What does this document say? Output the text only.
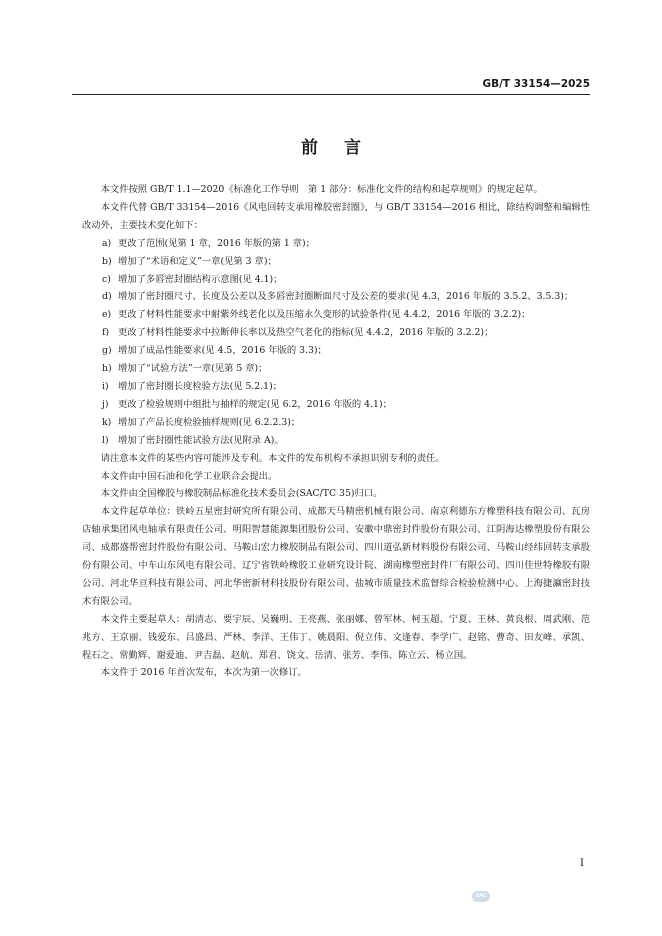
GB/T 33154—2025
前言

本文件按照 GB/T 1.1—2020《标准化工作导则　第 1 部分：标准化文件的结构和起草规则》的规定起草。

本文件代替 GB/T 33154—2016《风电回转支承用橡胶密封圈》，与 GB/T 33154—2016 相比，除结构调整和编辑性改动外，主要技术变化如下：

a) 更改了范围(见第 1 章，2016 年版的第 1 章)；

b) 增加了“术语和定义”一章(见第 3 章)；

c) 增加了多唇密封圈结构示意图(见 4.1)；

d) 增加了密封圈尺寸、长度及公差以及多唇密封圈断面尺寸及公差的要求(见 4.3，2016 年版的 3.5.2、3.5.3)；

e) 更改了材料性能要求中耐紫外线老化以及压缩永久变形的试验条件(见 4.4.2，2016 年版的 3.2.2)；

f) 更改了材料性能要求中拉断伸长率以及热空气老化的指标(见 4.4.2，2016 年版的 3.2.2)；

g) 增加了成品性能要求(见 4.5，2016 年版的 3.3)；

h) 增加了“试验方法”一章(见第 5 章)；

i) 增加了密封圈长度检验方法(见 5.2.1)；

j) 更改了检验规则中组批与抽样的规定(见 6.2，2016 年版的 4.1)；

k) 增加了产品长度检验抽样规则(见 6.2.2.3)；

l) 增加了密封圈性能试验方法(见附录 A)。

请注意本文件的某些内容可能涉及专利。本文件的发布机构不承担识别专利的责任。

本文件由中国石油和化学工业联合会提出。

本文件由全国橡胶与橡胶制品标准化技术委员会(SAC/TC 35)归口。

本文件起草单位：铁岭五星密封研究所有限公司、成都天马精密机械有限公司、南京利德东方橡塑科技有限公司、瓦房店轴承集团风电轴承有限责任公司、明阳智慧能源集团股份公司、安徽中鼎密封件股份有限公司、江阴海达橡塑股份有限公司、成都盛帮密封件股份有限公司、马鞍山宏力橡胶制品有限公司、四川道弘新材料股份有限公司、马鞍山经纬回转支承股份有限公司、中车山东风电有限公司、辽宁省铁岭橡胶工业研究设计院、湖南橡塑密封件厂有限公司、四川佳世特橡胶有限公司、河北华亘科技有限公司、河北华密新材科技股份有限公司、盐城市质量技术监督综合检验检测中心、上海捷瀛密封技术有限公司。

本文件主要起草人：胡清志、要宇辰、吴巍明、王亮燕、张丽娜、曾军林、柯玉超、宁夏、王林、黄良根、周武刚、范兆方、王京丽、钱爱东、吕盛昌、严林、李洋、王伟丁、姚晨阳、倪立伟、文逢春、李学广、赵铭、曹奇、田友峰、承凯、程石之、常勤辉、谢爱迪、尹吉磊、赵航、郑君、饶文、岳清、张芳、李伟、陈立云、杨立国。

本文件于 2016 年首次发布，本次为第一次修订。

I
SAC
